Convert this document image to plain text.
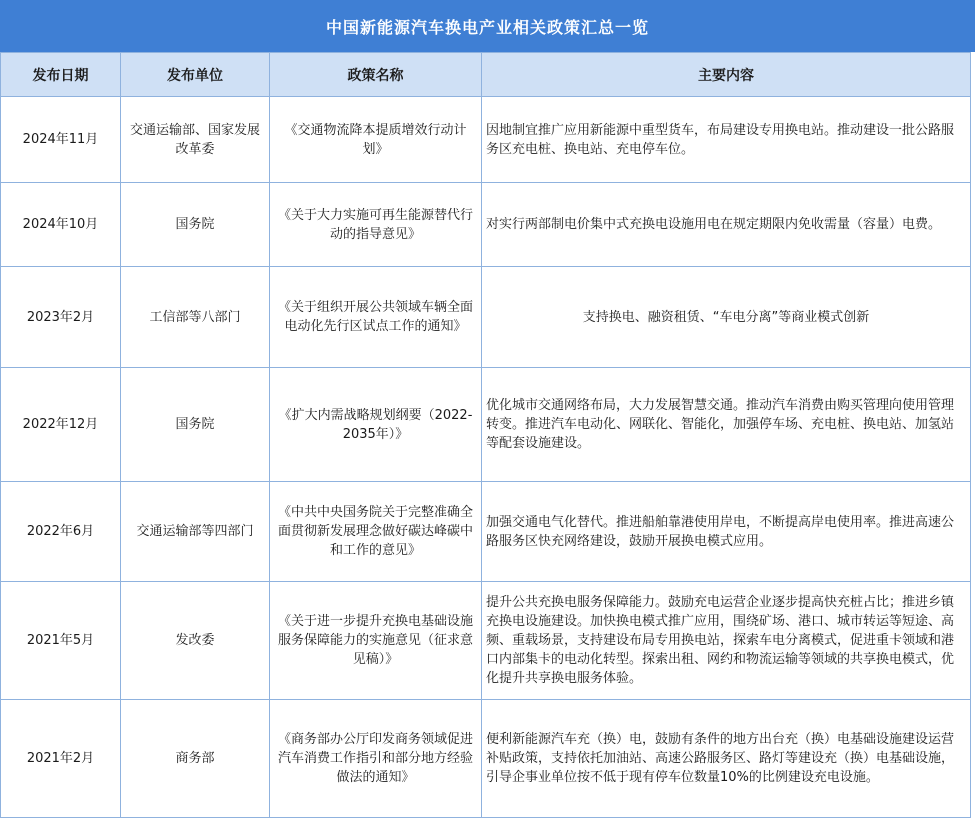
中国新能源汽车换电产业相关政策汇总一览
发布日期	发布单位	政策名称	主要内容
2024年11月	交通运输部、国家发展改革委	《交通物流降本提质增效行动计划》	因地制宜推广应用新能源中重型货车，布局建设专用换电站。推动建设一批公路服务区充电桩、换电站、充电停车位。
2024年10月	国务院	《关于大力实施可再生能源替代行动的指导意见》	对实行两部制电价集中式充换电设施用电在规定期限内免收需量（容量）电费。
2023年2月	工信部等八部门	《关于组织开展公共领域车辆全面电动化先行区试点工作的通知》	支持换电、融资租赁、“车电分离”等商业模式创新
2022年12月	国务院	《扩大内需战略规划纲要（2022-2035年）》	优化城市交通网络布局，大力发展智慧交通。推动汽车消费由购买管理向使用管理转变。推进汽车电动化、网联化、智能化，加强停车场、充电桩、换电站、加氢站等配套设施建设。
2022年6月	交通运输部等四部门	《中共中央国务院关于完整准确全面贯彻新发展理念做好碳达峰碳中和工作的意见》	加强交通电气化替代。推进船舶靠港使用岸电，不断提高岸电使用率。推进高速公路服务区快充网络建设，鼓励开展换电模式应用。
2021年5月	发改委	《关于进一步提升充换电基础设施服务保障能力的实施意见（征求意见稿）》	提升公共充换电服务保障能力。鼓励充电运营企业逐步提高快充桩占比；推进乡镇充换电设施建设。加快换电模式推广应用，围绕矿场、港口、城市转运等短途、高频、重载场景，支持建设布局专用换电站，探索车电分离模式，促进重卡领域和港口内部集卡的电动化转型。探索出租、网约和物流运输等领域的共享换电模式，优化提升共享换电服务体验。
2021年2月	商务部	《商务部办公厅印发商务领域促进汽车消费工作指引和部分地方经验做法的通知》	便利新能源汽车充（换）电，鼓励有条件的地方出台充（换）电基础设施建设运营补贴政策，支持依托加油站、高速公路服务区、路灯等建设充（换）电基础设施，引导企事业单位按不低于现有停车位数量10%的比例建设充电设施。
